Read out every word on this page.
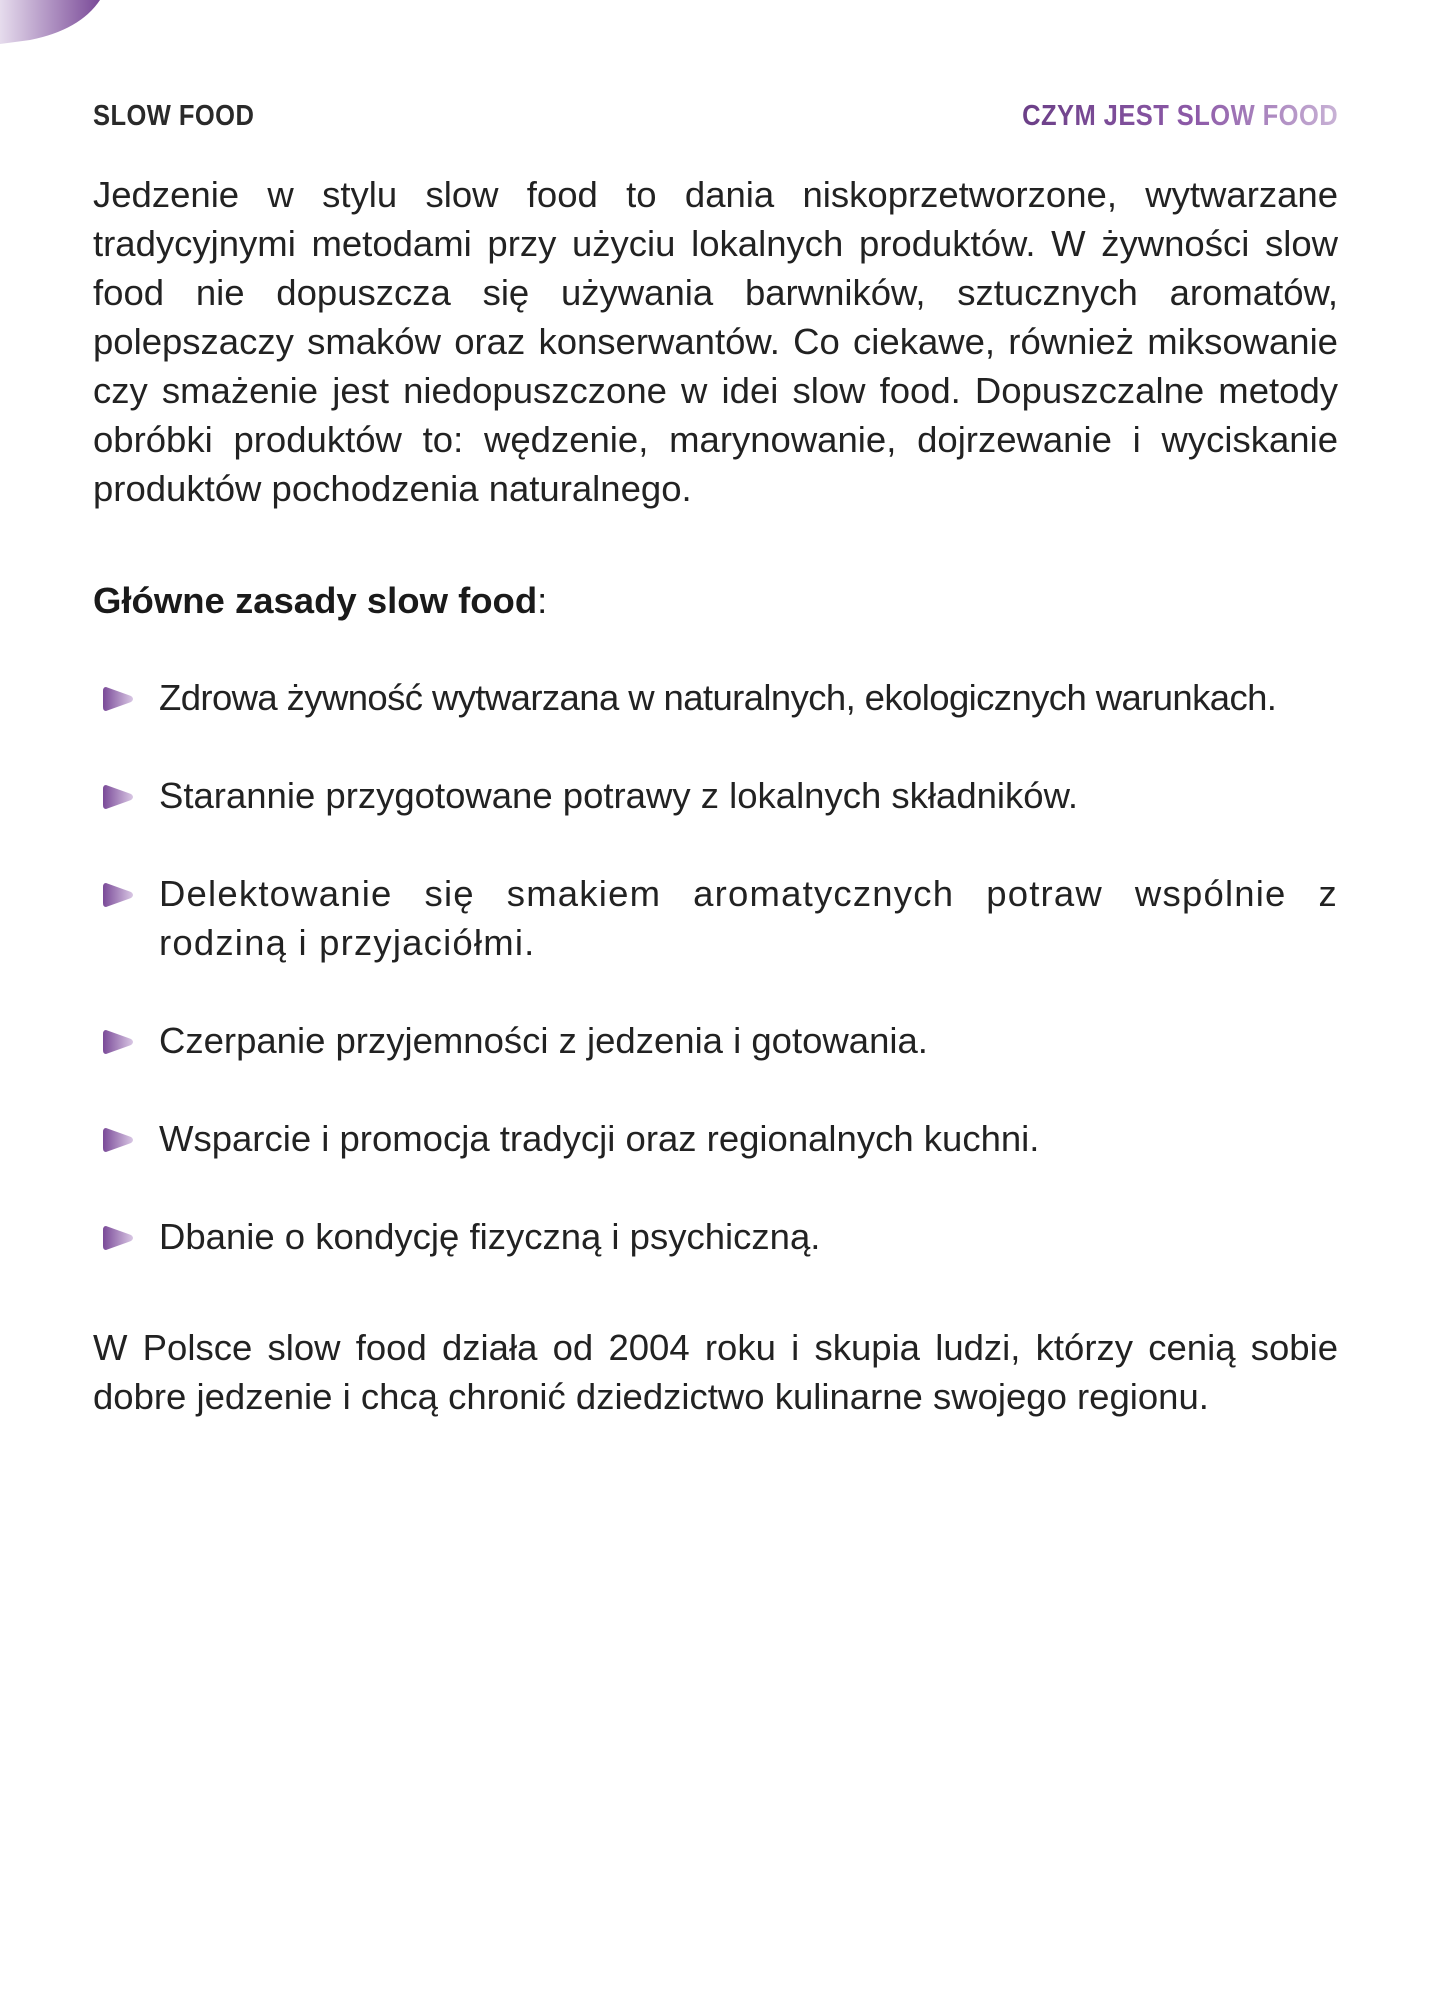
SLOW FOOD	CZYM JEST SLOW FOOD

Jedzenie w stylu slow food to dania niskoprzetworzone, wytwarzane tradycyjnymi metodami przy użyciu lokalnych produktów. W żywności slow food nie dopuszcza się używania barwników, sztucznych aromatów, polepszaczy smaków oraz konserwantów. Co ciekawe, również miksowanie czy smażenie jest niedopuszczone w idei slow food. Dopuszczalne metody obróbki produktów to: wędzenie, marynowanie, dojrzewanie i wyciskanie produktów pochodzenia naturalnego.

Główne zasady slow food:
Zdrowa żywność wytwarzana w naturalnych, ekologicznych warunkach.
Starannie przygotowane potrawy z lokalnych składników.
Delektowanie się smakiem aromatycznych potraw wspólnie z rodziną i przyjaciółmi.
Czerpanie przyjemności z jedzenia i gotowania.
Wsparcie i promocja tradycji oraz regionalnych kuchni.
Dbanie o kondycję fizyczną i psychiczną.

W Polsce slow food działa od 2004 roku i skupia ludzi, którzy cenią sobie dobre jedzenie i chcą chronić dziedzictwo kulinarne swojego regionu.
